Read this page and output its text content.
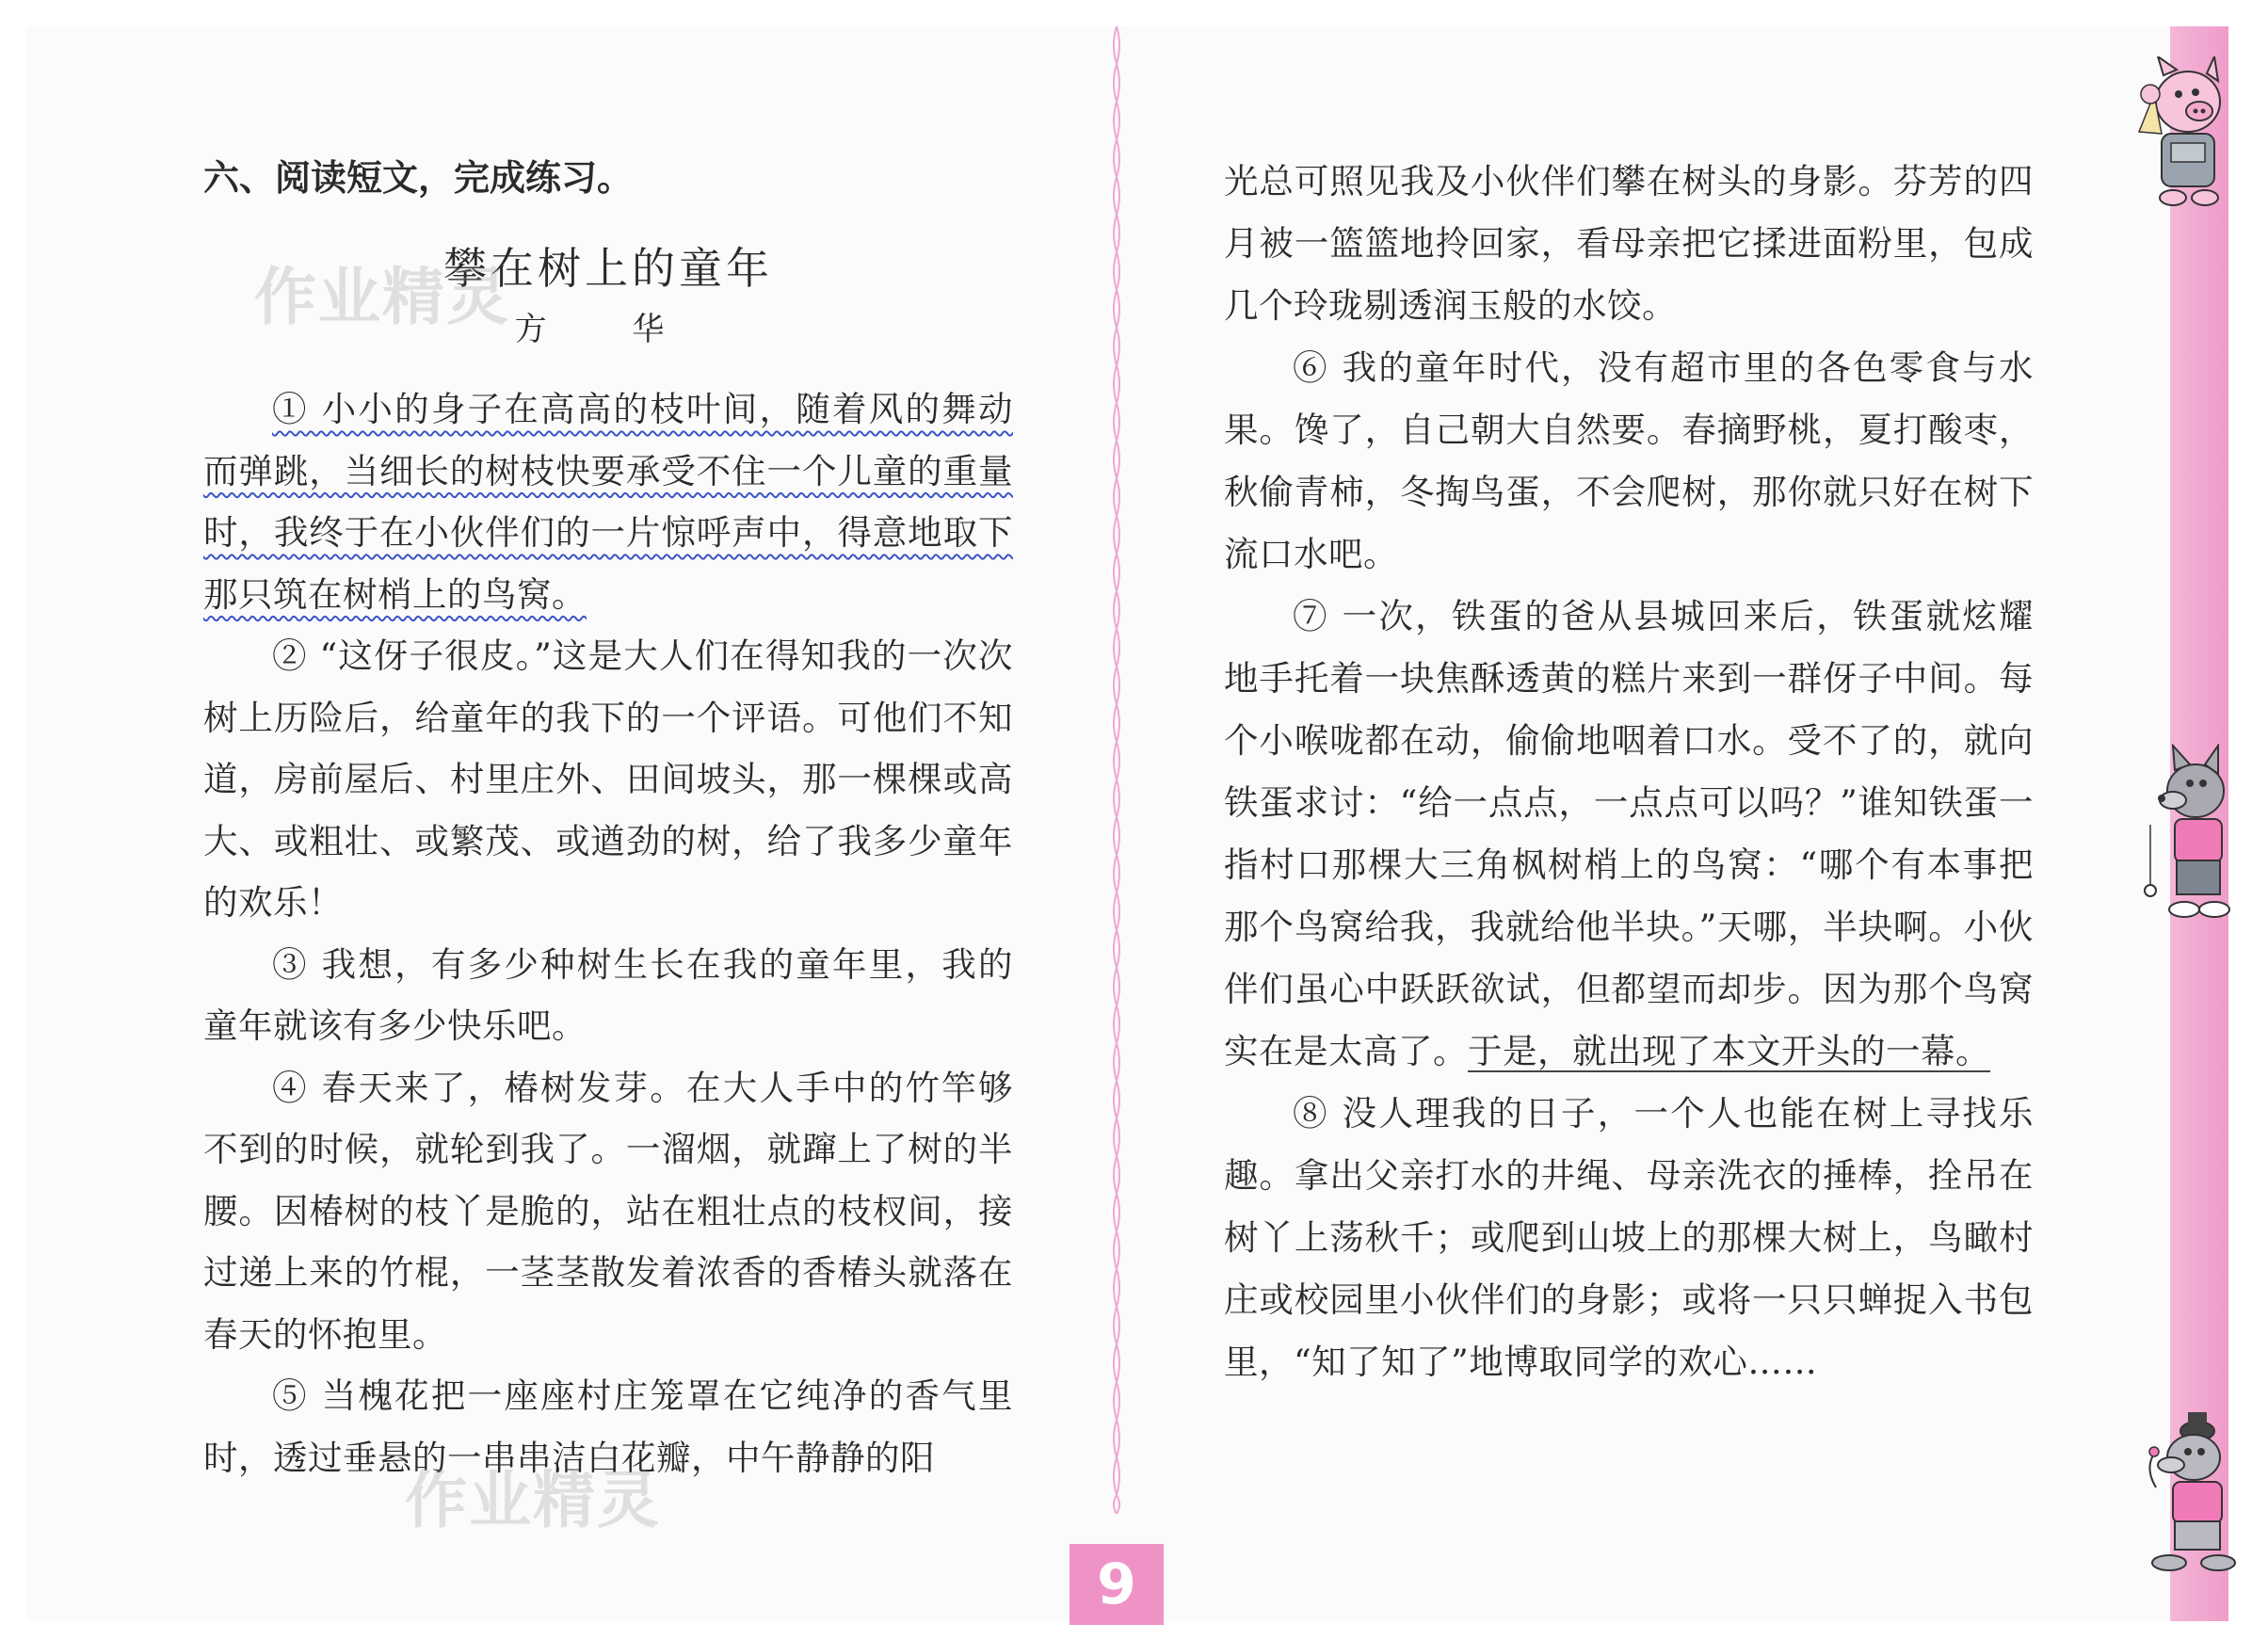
六、阅读短文，完成练习。
攀在树上的童年
方 华

① 小小的身子在高高的枝叶间，随着风的舞动而弹跳，当细长的树枝快要承受不住一个儿童的重量时，我终于在小伙伴们的一片惊呼声中，得意地取下那只筑在树梢上的鸟窝。

② “这伢子很皮。”这是大人们在得知我的一次次树上历险后，给童年的我下的一个评语。可他们不知道，房前屋后、村里庄外、田间坡头，那一棵棵或高大、或粗壮、或繁茂、或遒劲的树，给了我多少童年的欢乐！

③ 我想，有多少种树生长在我的童年里，我的童年就该有多少快乐吧。

④ 春天来了，椿树发芽。在大人手中的竹竿够不到的时候，就轮到我了。一溜烟，就蹿上了树的半腰。因椿树的枝丫是脆的，站在粗壮点的枝杈间，接过递上来的竹棍，一茎茎散发着浓香的香椿头就落在春天的怀抱里。

⑤ 当槐花把一座座村庄笼罩在它纯净的香气里时，透过垂悬的一串串洁白花瓣，中午静静的阳

光总可照见我及小伙伴们攀在树头的身影。芬芳的四月被一篮篮地拎回家，看母亲把它揉进面粉里，包成几个玲珑剔透润玉般的水饺。

⑥ 我的童年时代，没有超市里的各色零食与水果。馋了，自己朝大自然要。春摘野桃，夏打酸枣，秋偷青柿，冬掏鸟蛋，不会爬树，那你就只好在树下流口水吧。

⑦ 一次，铁蛋的爸从县城回来后，铁蛋就炫耀地手托着一块焦酥透黄的糕片来到一群伢子中间。每个小喉咙都在动，偷偷地咽着口水。受不了的，就向铁蛋求讨：“给一点点，一点点可以吗？”谁知铁蛋一指村口那棵大三角枫树梢上的鸟窝：“哪个有本事把那个鸟窝给我，我就给他半块。”天哪，半块啊。小伙伴们虽心中跃跃欲试，但都望而却步。因为那个鸟窝实在是太高了。于是，就出现了本文开头的一幕。

⑧ 没人理我的日子，一个人也能在树上寻找乐趣。拿出父亲打水的井绳、母亲洗衣的捶棒，拴吊在树丫上荡秋千；或爬到山坡上的那棵大树上，鸟瞰村庄或校园里小伙伴们的身影；或将一只只蝉捉入书包里，“知了知了”地博取同学的欢心……

作业精灵
作业精灵
9
